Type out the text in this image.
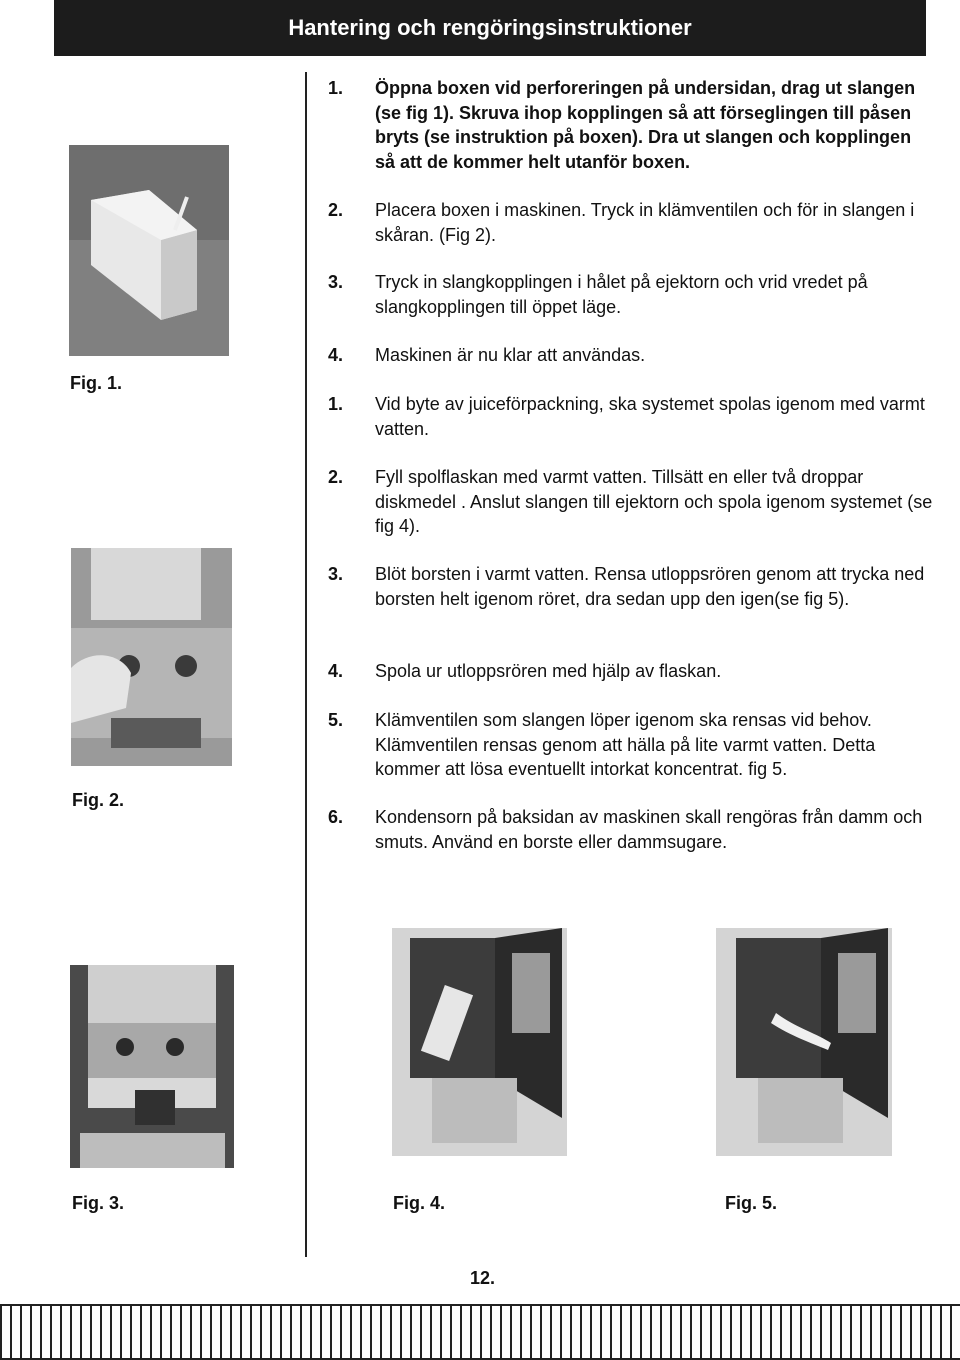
Hantering och rengöringsinstruktioner
Fig. 1.
Fig. 2.
1. Öppna boxen vid perforeringen på undersidan, drag ut slangen (se fig 1). Skruva ihop kopplingen så att förseglingen till påsen bryts (se instruktion på boxen). Dra ut slangen och kopplingen så att de kommer helt utanför boxen.
2. Placera boxen i maskinen. Tryck in klämventilen och för in slangen i skåran. (Fig 2).
3. Tryck in slangkopplingen i hålet på ejektorn och vrid vredet på slangkopplingen till öppet läge.
4. Maskinen är nu klar att användas.
1. Vid byte av juiceförpackning, ska systemet spolas igenom med varmt vatten.
2. Fyll spolflaskan med varmt vatten. Tillsätt en eller två droppar diskmedel . Anslut slangen till ejektorn och spola igenom systemet (se fig 4).
3. Blöt borsten i varmt vatten. Rensa utloppsrören genom att trycka ned borsten helt igenom röret, dra sedan upp den igen(se fig 5).
4. Spola ur utloppsrören med hjälp av flaskan.
5. Klämventilen som slangen löper igenom ska rensas vid behov. Klämventilen rensas genom att hälla på lite varmt vatten. Detta kommer att lösa eventuellt intorkat koncentrat. fig 5.
6. Kondensorn på baksidan av maskinen skall rengöras från damm och smuts. Använd en borste eller dammsugare.
Fig. 3.	Fig. 4.	Fig. 5.
12.
